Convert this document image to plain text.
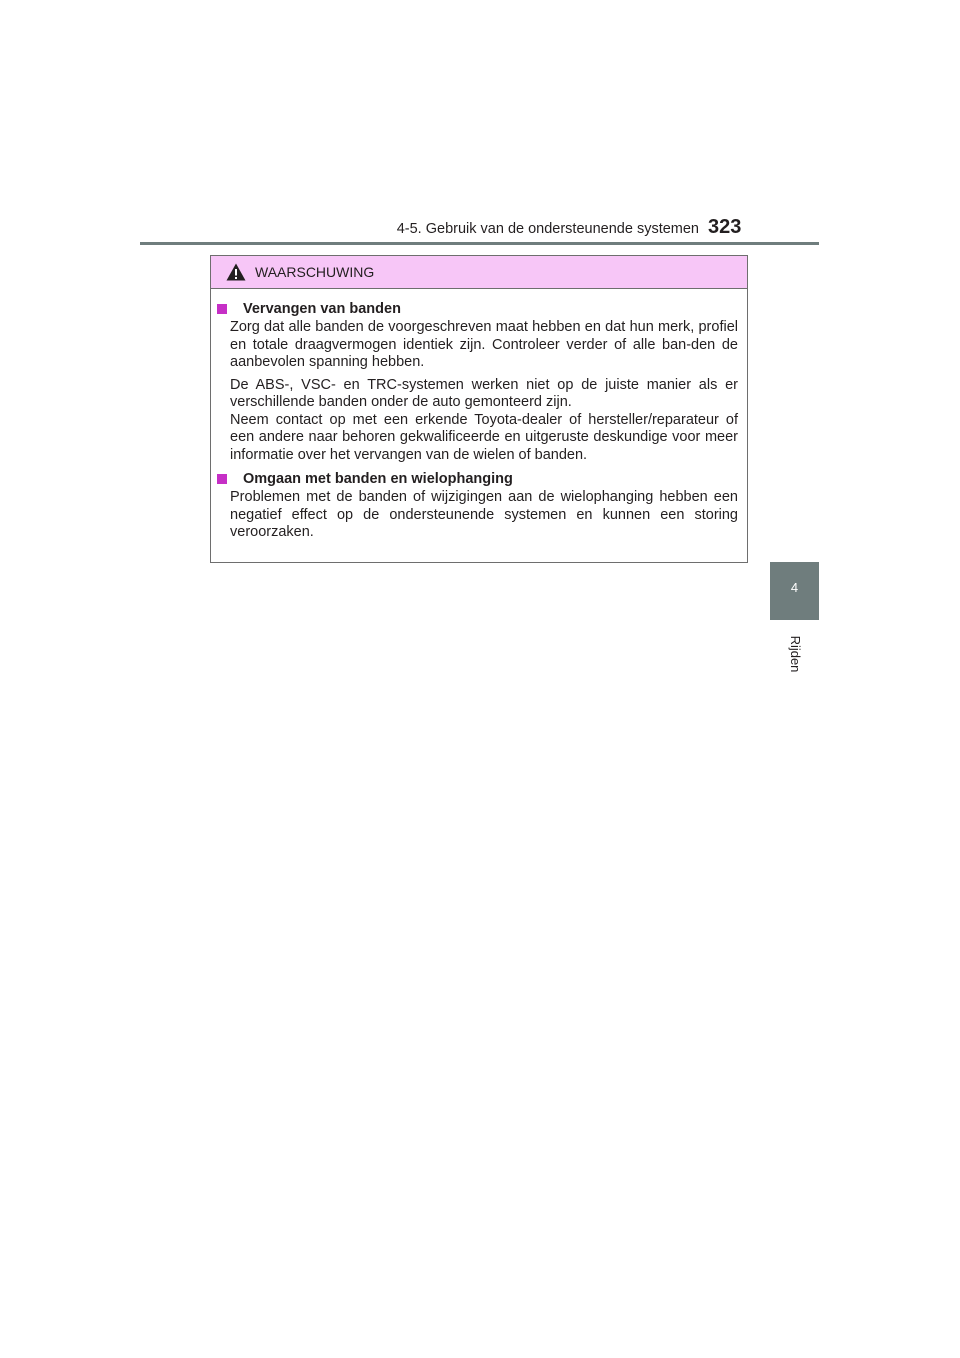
4-5. Gebruik van de ondersteunende systemen 323
4
Rijden
WAARSCHUWING
Vervangen van banden

Zorg dat alle banden de voorgeschreven maat hebben en dat hun merk, profiel en totale draagvermogen identiek zijn. Controleer verder of alle ban-den de aanbevolen spanning hebben.

De ABS-, VSC- en TRC-systemen werken niet op de juiste manier als er verschillende banden onder de auto gemonteerd zijn.

Neem contact op met een erkende Toyota-dealer of hersteller/reparateur of een andere naar behoren gekwalificeerde en uitgeruste deskundige voor meer informatie over het vervangen van de wielen of banden.

Omgaan met banden en wielophanging

Problemen met de banden of wijzigingen aan de wielophanging hebben een negatief effect op de ondersteunende systemen en kunnen een storing veroorzaken.
